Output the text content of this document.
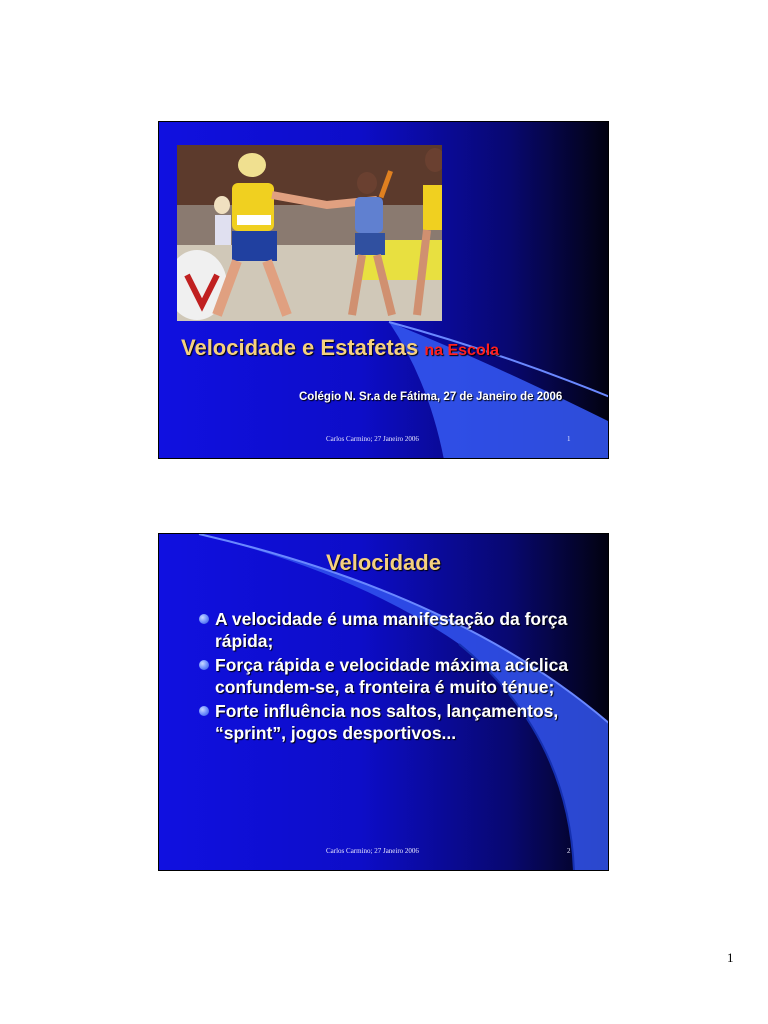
Velocidade e Estafetas na Escola
Colégio N. Sr.a de Fátima, 27 de Janeiro de 2006
Carlos Carmino; 27 Janeiro 2006	1
Velocidade
A velocidade é uma manifestação da força rápida;
Força rápida e velocidade máxima acíclica confundem-se, a fronteira é muito ténue;
Forte influência nos saltos, lançamentos, “sprint”, jogos desportivos...
Carlos Carmino; 27 Janeiro 2006	2
1
